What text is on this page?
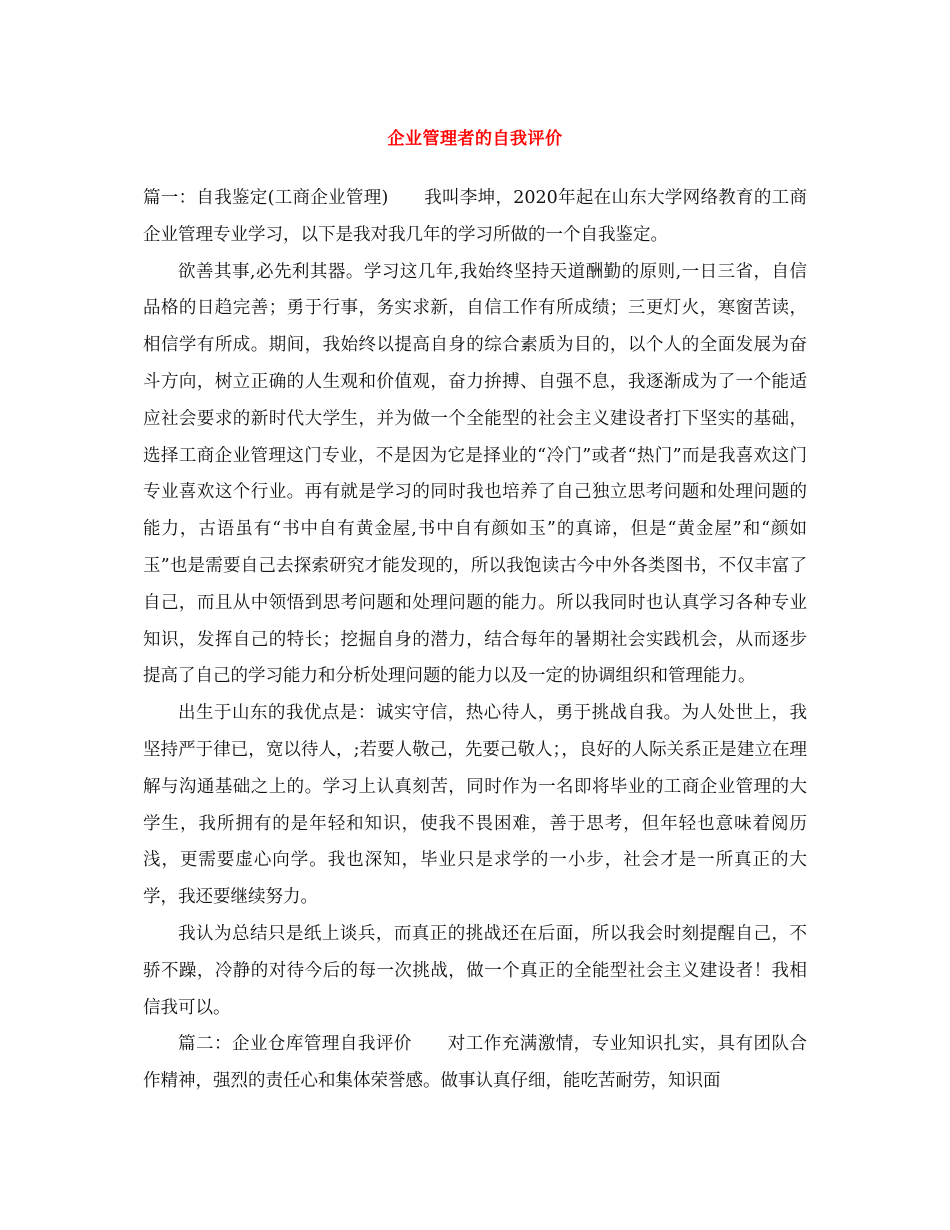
企业管理者的自我评价

篇一：自我鉴定(工商企业管理)　　我叫李坤，2020年起在山东大学网络教育的工商企业管理专业学习，以下是我对我几年的学习所做的一个自我鉴定。

欲善其事,必先利其器。学习这几年,我始终坚持天道酬勤的原则,一日三省，自信品格的日趋完善；勇于行事，务实求新，自信工作有所成绩；三更灯火，寒窗苦读，相信学有所成。期间，我始终以提高自身的综合素质为目的，以个人的全面发展为奋斗方向，树立正确的人生观和价值观，奋力拚搏、自强不息，我逐渐成为了一个能适应社会要求的新时代大学生，并为做一个全能型的社会主义建设者打下坚实的基础，选择工商企业管理这门专业，不是因为它是择业的“冷门”或者“热门”而是我喜欢这门专业喜欢这个行业。再有就是学习的同时我也培养了自己独立思考问题和处理问题的能力，古语虽有“书中自有黄金屋,书中自有颜如玉”的真谛，但是“黄金屋”和“颜如玉”也是需要自己去探索研究才能发现的，所以我饱读古今中外各类图书，不仅丰富了自己，而且从中领悟到思考问题和处理问题的能力。所以我同时也认真学习各种专业知识，发挥自己的特长；挖掘自身的潜力，结合每年的暑期社会实践机会，从而逐步提高了自己的学习能力和分析处理问题的能力以及一定的协调组织和管理能力。

出生于山东的我优点是：诚实守信，热心待人，勇于挑战自我。为人处世上，我坚持严于律已，宽以待人，;若要人敬己，先要己敬人；，良好的人际关系正是建立在理解与沟通基础之上的。学习上认真刻苦，同时作为一名即将毕业的工商企业管理的大学生，我所拥有的是年轻和知识，使我不畏困难，善于思考，但年轻也意味着阅历浅，更需要虚心向学。我也深知，毕业只是求学的一小步，社会才是一所真正的大学，我还要继续努力。

我认为总结只是纸上谈兵，而真正的挑战还在后面，所以我会时刻提醒自己，不骄不躁，冷静的对待今后的每一次挑战，做一个真正的全能型社会主义建设者！我相信我可以。

篇二：企业仓库管理自我评价　　对工作充满激情，专业知识扎实，具有团队合作精神，强烈的责任心和集体荣誉感。做事认真仔细，能吃苦耐劳，知识面
